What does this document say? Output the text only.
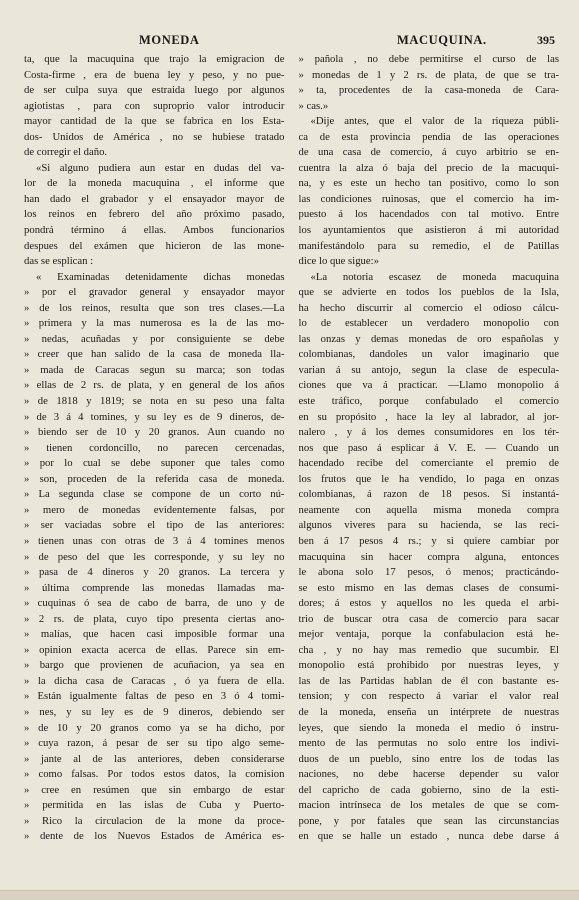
MONEDA	MACUQUINA.	395
ta, que la macuquina que trajo la emigracion de
Costa-firme , era de buena ley y peso, y no pue-
de ser culpa suya que estraida luego por algunos
agiotistas , para con suproprio valor introducir
mayor cantidad de la que se fabrica en los Esta-
dos- Unidos de América , no se hubiese tratado
de corregir el daño.
«Si alguno pudiera aun estar en dudas del va-
lor de la moneda macuquina , el informe que
han dado el grabador y el ensayador mayor de
los reinos en febrero del año próximo pasado,
pondrá término á ellas. Ambos funcionarios
despues del exámen que hicieron de las mone-
das se esplican :
« Examinadas detenidamente dichas monedas
» por el gravador general y ensayador mayor
» de los reinos, resulta que son tres clases.—La
» primera y la mas numerosa es la de las mo-
» nedas, acuñadas y por consiguiente se debe
» creer que han salido de la casa de moneda lla-
» mada de Caracas segun su marca; son todas
» ellas de 2 rs. de plata, y en general de los años
» de 1818 y 1819; se nota en su peso una falta
» de 3 á 4 tomines, y su ley es de 9 dineros, de-
» biendo ser de 10 y 20 granos. Aun cuando no
» tienen cordoncillo, no parecen cercenadas,
» por lo cual se debe suponer que tales como
» son, proceden de la referida casa de moneda.
» La segunda clase se compone de un corto nú-
» mero de monedas evidentemente falsas, por
» ser vaciadas sobre el tipo de las anteriores:
» tienen unas con otras de 3 á 4 tomines menos
» de peso del que les corresponde, y su ley no
» pasa de 4 dineros y 20 granos. La tercera y
» última comprende las monedas llamadas ma-
» cuquinas ó sea de cabo de barra, de uno y de
» 2 rs. de plata, cuyo tipo presenta ciertas ano-
» malías, que hacen casi imposible formar una
» opinion exacta acerca de ellas. Parece sin em-
» bargo que provienen de acuñacion, ya sea en
» la dicha casa de Caracas , ó ya fuera de ella.
» Están igualmente faltas de peso en 3 ó 4 tomi-
» nes, y su ley es de 9 dineros, debiendo ser
» de 10 y 20 granos como ya se ha dicho, por
» cuya razon, á pesar de ser su tipo algo seme-
» jante al de las anteriores, deben considerarse
» como falsas. Por todos estos datos, la comision
» cree en resúmen que sin embargo de estar
» permitida en las islas de Cuba y Puerto-
» Rico la circulacion de la mone da proce-
» dente de los Nuevos Estados de América es-
» pañola , no debe permitirse el curso de las
» monedas de 1 y 2 rs. de plata, de que se tra-
» ta, procedentes de la casa-moneda de Cara-
» cas.»
«Dije antes, que el valor de la riqueza públi-
ca de esta provincia pendia de las operaciones
de una casa de comercio, á cuyo arbitrio se en-
cuentra la alza ó baja del precio de la macuqui-
na, y es este un hecho tan positivo, como lo son
las condiciones ruinosas, que el comercio ha im-
puesto á los hacendados con tal motivo. Entre
los ayuntamientos que asistieron á mi autoridad
manifestándolo para su remedio, el de Patillas
dice lo que sigue:»
«La notoria escasez de moneda macuquina
que se advierte en todos los pueblos de la Isla,
ha hecho discurrir al comercio el odioso cálcu-
lo de establecer un verdadero monopolio con
las onzas y demas monedas de oro españolas y
colombianas, dandoles un valor imaginario que
varian á su antojo, segun la clase de especula-
ciones que va á practicar. —Llamo monopolio á
este tráfico, porque confabulado el comercio
en su propósito , hace la ley al labrador, al jor-
nalero , y á los demes consumidores en los tér-
nos que paso á esplicar á V. E. — Cuando un
hacendado recibe del comerciante el premio de
los frutos que le ha vendido, lo paga en onzas
colombianas, á razon de 18 pesos. Si instantá-
neamente con aquella misma moneda compra
algunos viveres para su hacienda, se las reci-
ben á 17 pesos 4 rs.; y si quiere cambiar por
macuquina sin hacer compra alguna, entonces
le abona solo 17 pesos, ó menos; practicándo-
se esto mismo en las demas clases de consumi-
dores; á estos y aquellos no les queda el arbi-
trio de buscar otra casa de comercio para sacar
mejor ventaja, porque la confabulacion está he-
cha , y no hay mas remedio que sucumbir. El
monopolio está prohibido por nuestras leyes, y
las de las Partidas hablan de él con bastante es-
tension; y con respecto á variar el valor real
de la moneda, enseña un intérprete de nuestras
leyes, que siendo la moneda el medio ó instru-
mento de las permutas no solo entre los indivi-
duos de un pueblo, sino entre los de todas las
naciones, no debe hacerse depender su valor
del capricho de cada gobierno, sino de la esti-
macion intrínseca de los metales de que se com-
pone, y por fatales que sean las circunstancias
en que se halle un estado , nunca debe darse á
